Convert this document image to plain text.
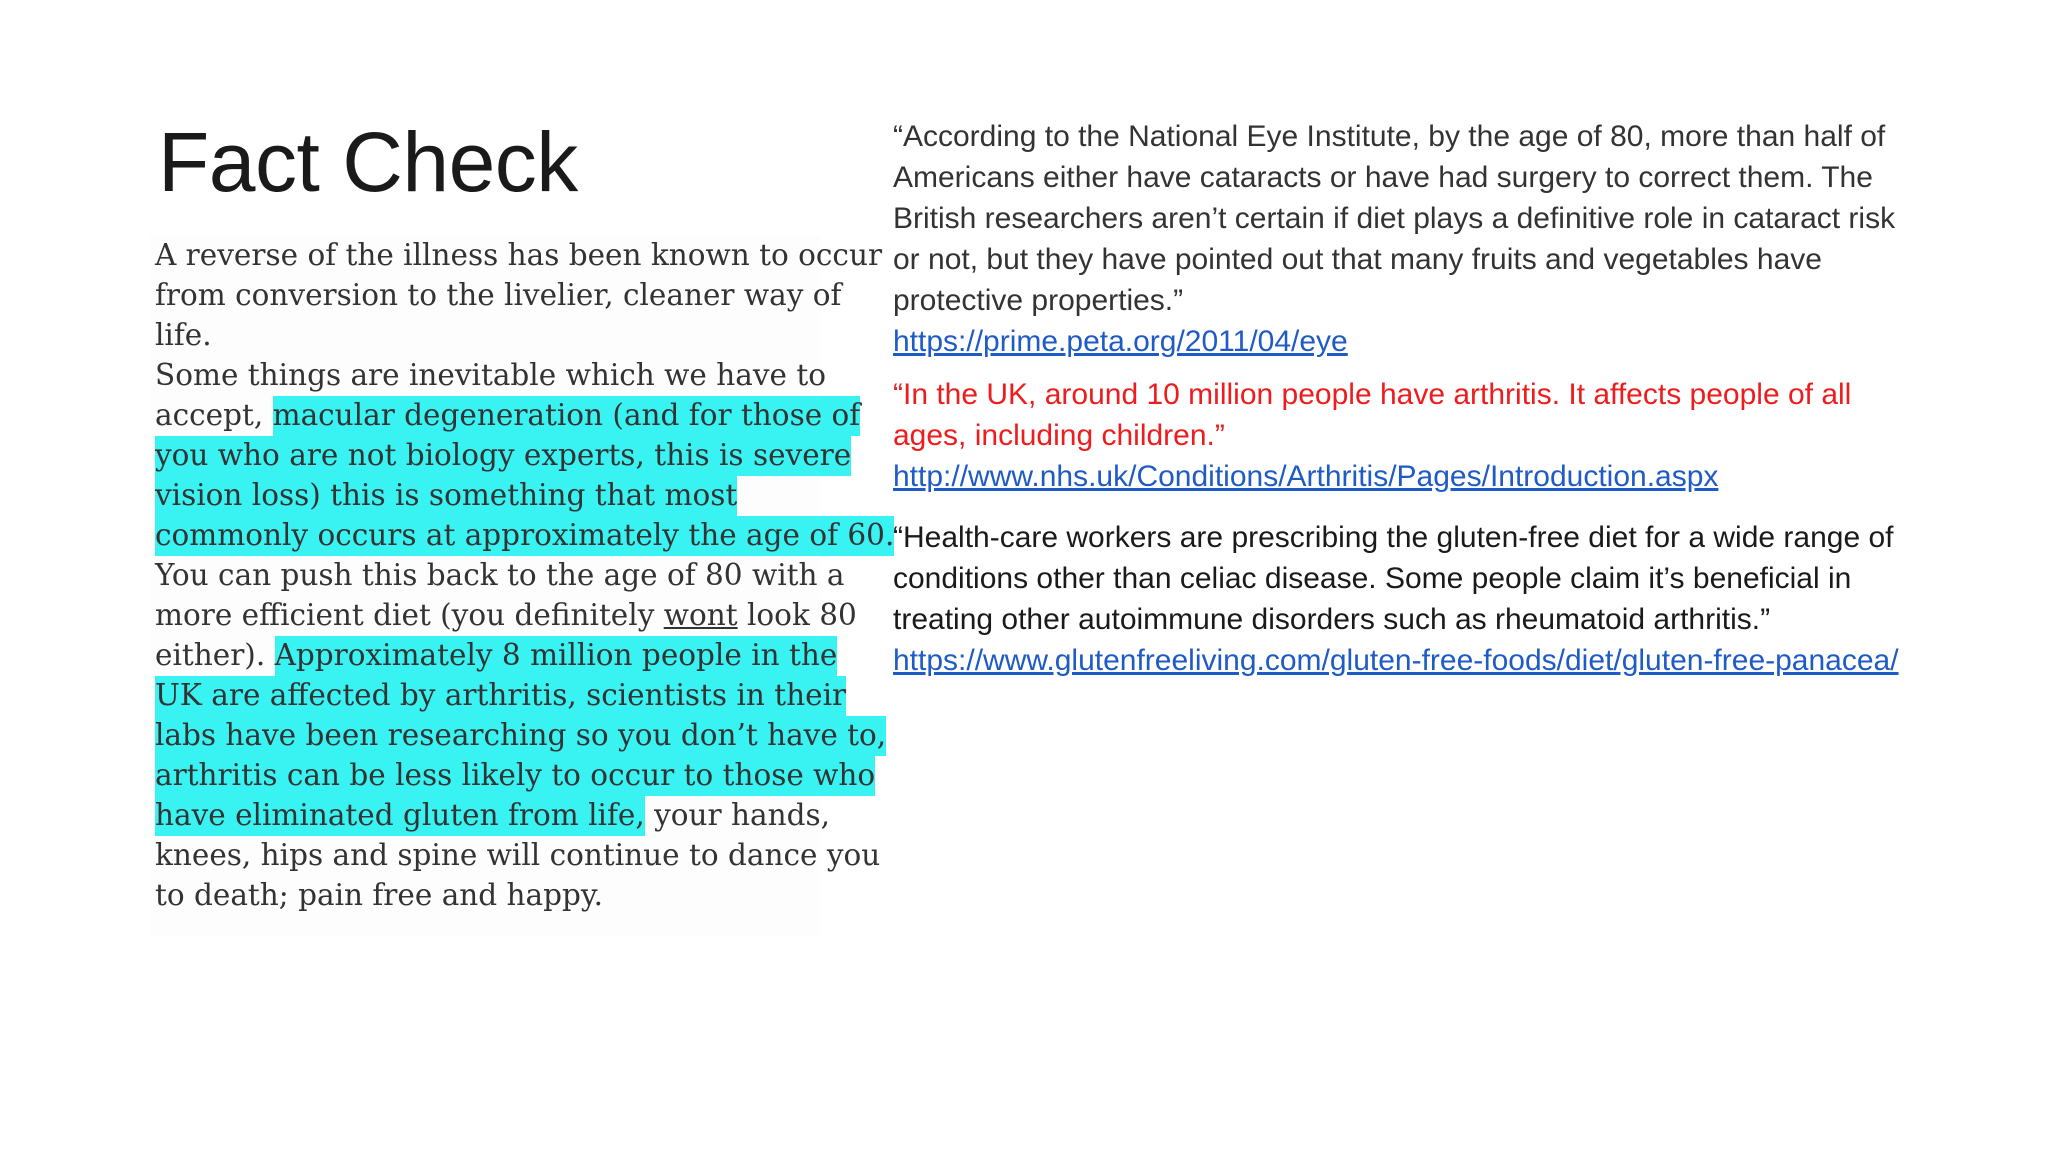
Fact Check
A reverse of the illness has been known to occur
from conversion to the livelier, cleaner way of
life.
Some things are inevitable which we have to
accept, macular degeneration (and for those of
you who are not biology experts, this is severe
vision loss) this is something that most
commonly occurs at approximately the age of 60.
You can push this back to the age of 80 with a
more efficient diet (you definitely wont look 80
either). Approximately 8 million people in the
UK are affected by arthritis, scientists in their
labs have been researching so you don’t have to,
arthritis can be less likely to occur to those who
have eliminated gluten from life, your hands,
knees, hips and spine will continue to dance you
to death; pain free and happy.
“According to the National Eye Institute, by the age of 80, more than half of Americans either have cataracts or have had surgery to correct them. The British researchers aren’t certain if diet plays a definitive role in cataract risk or not, but they have pointed out that many fruits and vegetables have protective properties.”
https://prime.peta.org/2011/04/eye
“In the UK, around 10 million people have arthritis. It affects people of all ages, including children.”
http://www.nhs.uk/Conditions/Arthritis/Pages/Introduction.aspx
“Health-care workers are prescribing the gluten-free diet for a wide range of conditions other than celiac disease. Some people claim it’s beneficial in treating other autoimmune disorders such as rheumatoid arthritis.”
https://www.glutenfreeliving.com/gluten-free-foods/diet/gluten-free-panacea/
